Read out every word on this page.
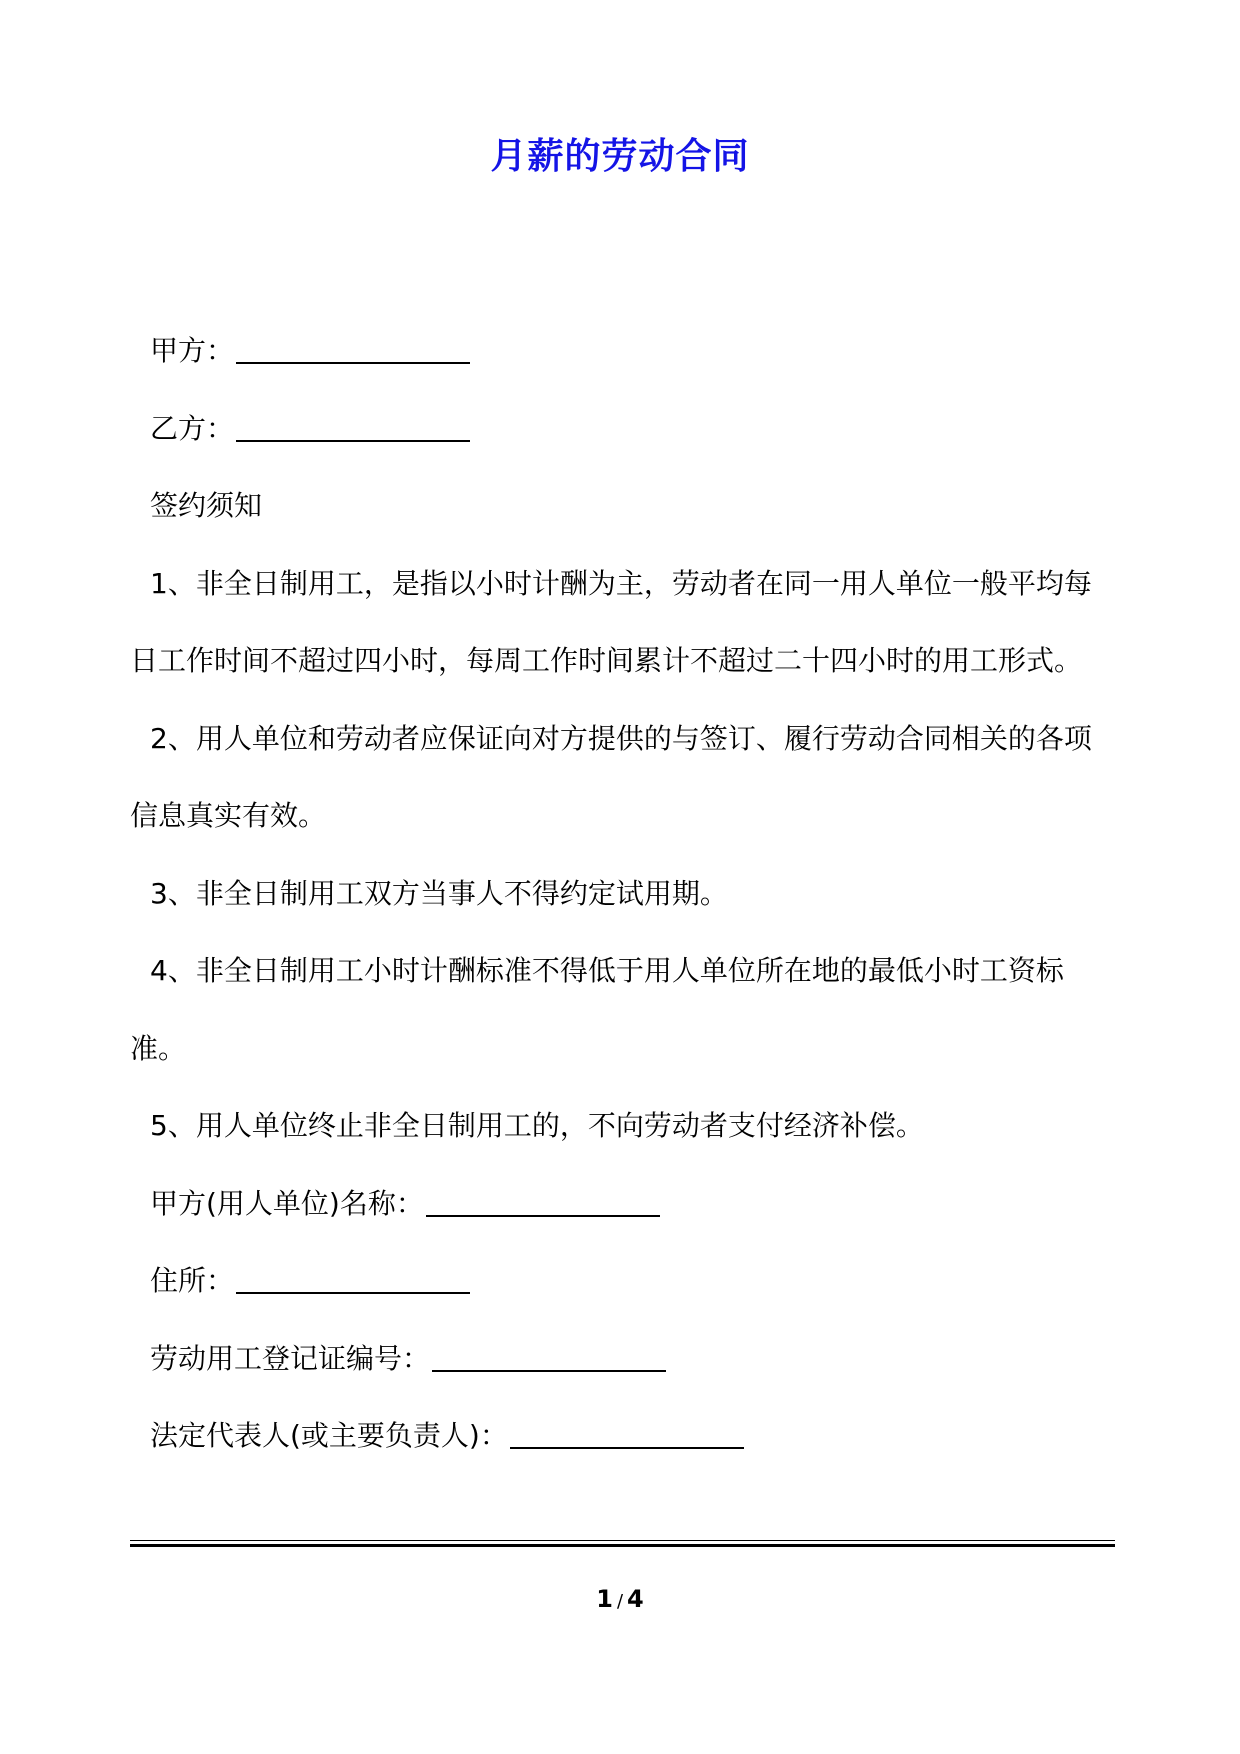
月薪的劳动合同

甲方：

乙方：

签约须知

1、非全日制用工，是指以小时计酬为主，劳动者在同一用人单位一般平均每日工作时间不超过四小时，每周工作时间累计不超过二十四小时的用工形式。

2、用人单位和劳动者应保证向对方提供的与签订、履行劳动合同相关的各项信息真实有效。

3、非全日制用工双方当事人不得约定试用期。

4、非全日制用工小时计酬标准不得低于用人单位所在地的最低小时工资标准。

5、用人单位终止非全日制用工的，不向劳动者支付经济补偿。

甲方(用人单位)名称：

住所：

劳动用工登记证编号：

法定代表人(或主要负责人)：

1 / 4
